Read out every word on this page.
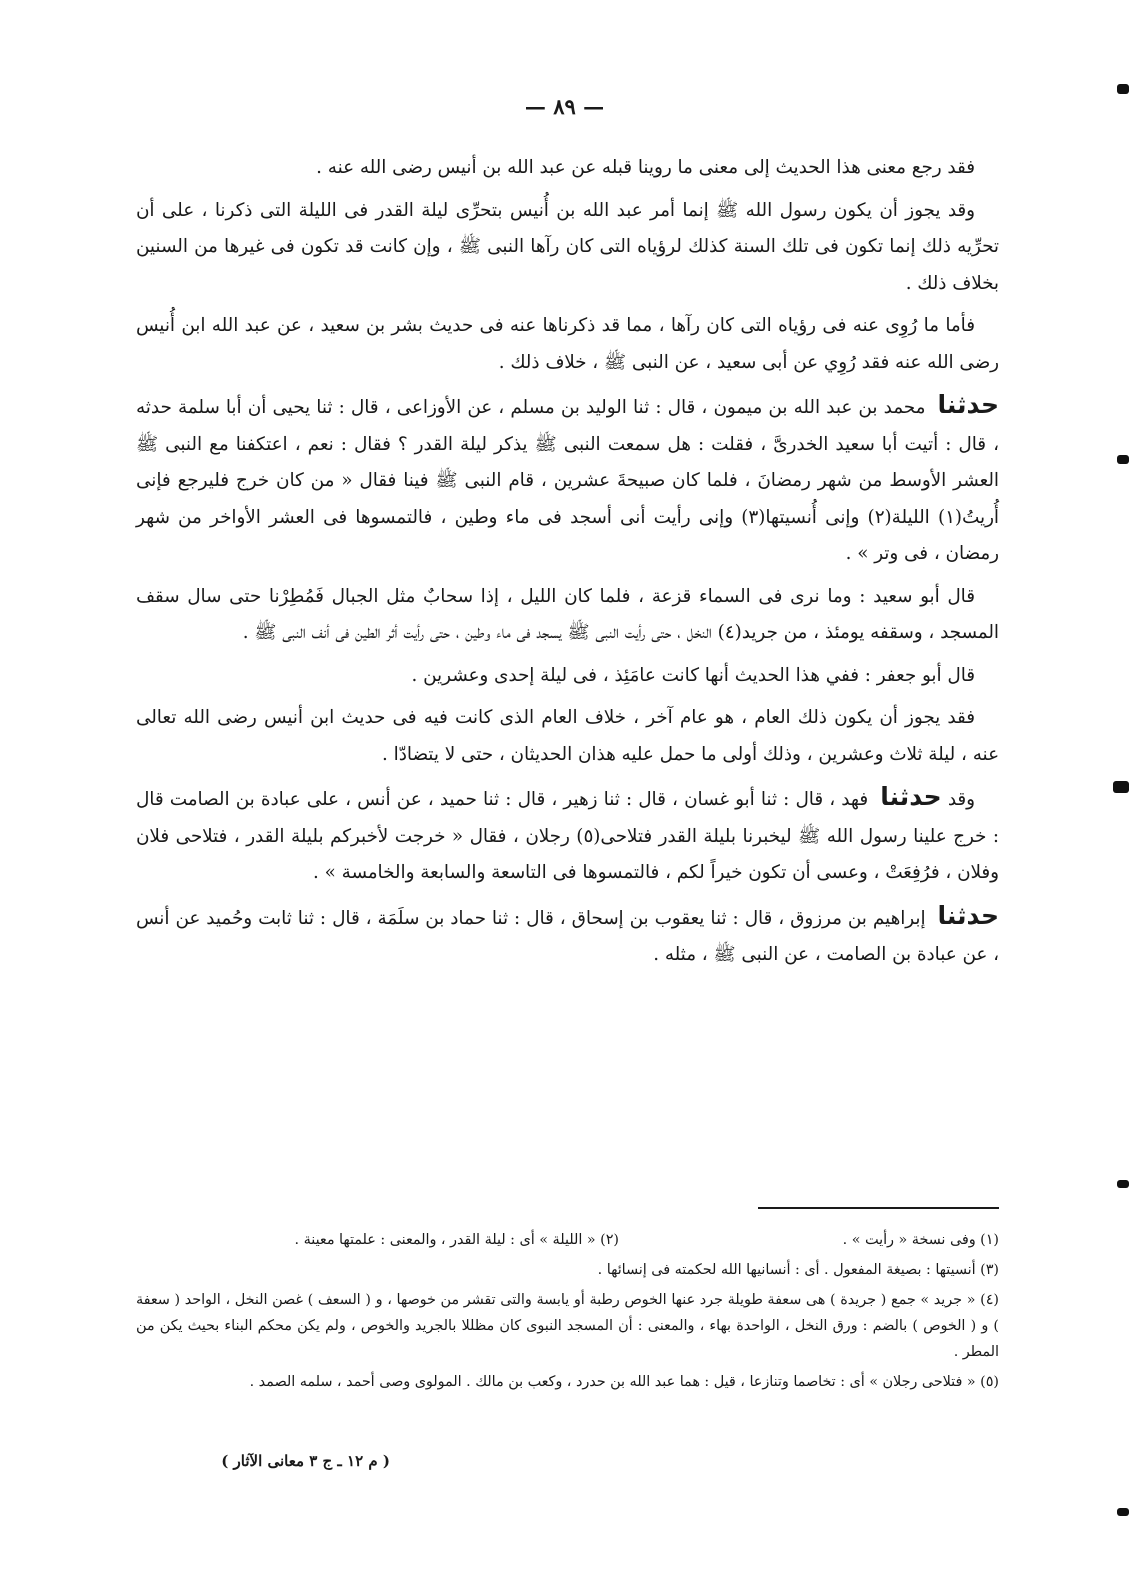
— ٨٩ —

فقد رجع معنى هذا الحديث إلى معنى ما روينا قبله عن عبد الله بن أنيس رضى الله عنه .

وقد يجوز أن يكون رسول الله ﷺ إنما أمر عبد الله بن أُنيس بتحرِّى ليلة القدر فى الليلة التى ذكرنا ، على أن تحرِّيه ذلك إنما تكون فى تلك السنة كذلك لرؤياه التى كان رآها النبى ﷺ ، وإن كانت قد تكون فى غيرها من السنين بخلاف ذلك .

فأما ما رُوِى عنه فى رؤياه التى كان رآها ، مما قد ذكرناها عنه فى حديث بشر بن سعيد ، عن عبد الله ابن أُنيس رضى الله عنه فقد رُوِي عن أبى سعيد ، عن النبى ﷺ ، خلاف ذلك .

حدثنا محمد بن عبد الله بن ميمون ، قال : ثنا الوليد بن مسلم ، عن الأوزاعى ، قال : ثنا يحيى أن أبا سلمة حدثه ، قال : أتيت أبا سعيد الخدرىَّ ، فقلت : هل سمعت النبى ﷺ يذكر ليلة القدر ؟ فقال : نعم ، اعتكفنا مع النبى ﷺ العشر الأوسط من شهر رمضانَ ، فلما كان صبيحةَ عشرين ، قام النبى ﷺ فينا فقال « من كان خرج فليرجع فإنى أُريتُ(١) الليلة(٢) وإنى أُنسيتها(٣) وإنى رأيت أنى أسجد فى ماء وطين ، فالتمسوها فى العشر الأواخر من شهر رمضان ، فى وتر » .

قال أبو سعيد : وما نرى فى السماء قزعة ، فلما كان الليل ، إذا سحابٌ مثل الجبال فَمُطِرْنا حتى سال سقف المسجد ، وسقفه يومئذ ، من جريد(٤) النخل ، حتى رأيت النبى ﷺ يسجد فى ماء وطين ، حتى رأيت أثر الطين فى أنف النبى ﷺ .

قال أبو جعفر : ففي هذا الحديث أنها كانت عامَئِذ ، فى ليلة إحدى وعشرين .

فقد يجوز أن يكون ذلك العام ، هو عام آخر ، خلاف العام الذى كانت فيه فى حديث ابن أنيس رضى الله تعالى عنه ، ليلة ثلاث وعشرين ، وذلك أولى ما حمل عليه هذان الحديثان ، حتى لا يتضادّا .

وقد حدثنا فهد ، قال : ثنا أبو غسان ، قال : ثنا زهير ، قال : ثنا حميد ، عن أنس ، على عبادة بن الصامت قال : خرج علينا رسول الله ﷺ ليخبرنا بليلة القدر فتلاحى(٥) رجلان ، فقال « خرجت لأخبركم بليلة القدر ، فتلاحى فلان وفلان ، فرُفِعَتْ ، وعسى أن تكون خيراً لكم ، فالتمسوها فى التاسعة والسابعة والخامسة » .

حدثنا إبراهيم بن مرزوق ، قال : ثنا يعقوب بن إسحاق ، قال : ثنا حماد بن سلَمَة ، قال : ثنا ثابت وحُميد عن أنس ، عن عبادة بن الصامت ، عن النبى ﷺ ، مثله .

(١) وفى نسخة « رأيت » .
(٢) « الليلة » أى : ليلة القدر ، والمعنى : علمتها معينة .
(٣) أنسيتها : بصيغة المفعول . أى : أنسانيها الله لحكمته فى إنسائها .
(٤) « جريد » جمع ( جريدة ) هى سعفة طويلة جرد عنها الخوص رطبة أو يابسة والتى تقشر من خوصها ، و ( السعف ) غصن النخل ، الواحد ( سعفة ) و ( الخوص ) بالضم : ورق النخل ، الواحدة بهاء ، والمعنى : أن المسجد النبوى كان مظللا بالجريد والخوص ، ولم يكن محكم البناء بحيث يكن من المطر .
(٥) « فتلاحى رجلان » أى : تخاصما وتنازعا ، قيل : هما عبد الله بن حدرد ، وكعب بن مالك . المولوى وصى أحمد ، سلمه الصمد .
( م ١٢ ـ ج ٣ معانى الآثار )
